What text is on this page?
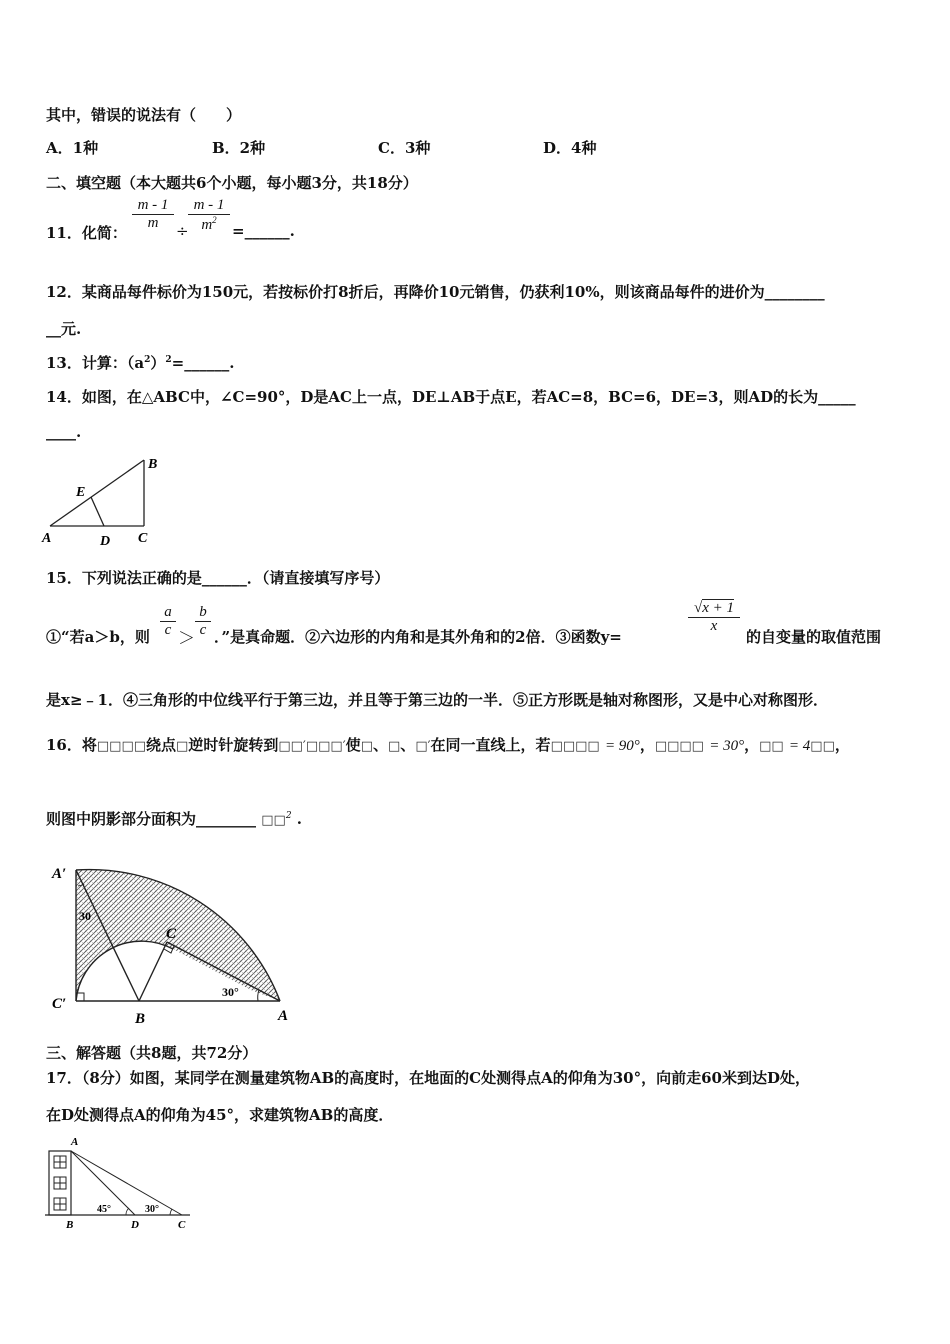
其中，错误的说法有（　　）
A．1种	B．2种	C．3种	D．4种
二、填空题（本大题共6个小题，每小题3分，共18分）
11．化简：
m - 1
m	÷
m - 1
$m^2$
=______.
12．某商品每件标价为150元，若按标价打8折后，再降价10元销售，仍获利10%，则该商品每件的进价为________
__元.
13．计算：$(a^2)^2=\_\_\_\_\_\_$.
14．如图，在△ABC中，∠C=90°，D是AC上一点，DE⊥AB于点E，若AC=8，BC=6，DE=3，则AD的长为_____
____.
A
B
C
D
E
15．下列说法正确的是______．（请直接填写序号）
①“若a＞b，则
a
c ＞
b
c ．”是真命题．②六边形的内角和是其外角和的2倍．③函数y=
√x + 1
x
的自变量的取值范围
是x≥﹣1．④三角形的中位线平行于第三边，并且等于第三边的一半．⑤正方形既是轴对称图形，又是中心对称图形．
16．将□□□□绕点□逆时针旋转到□□′□□□′使□、□、□′在同一直线上，若□□□□ = 90°，□□□□ = 30°，□□ = 4□□，
则图中阴影部分面积为________ □□$^2$ .
A′
C′
B
C
A
30
30°
三、解答题（共8题，共72分）
17．（8分）如图，某同学在测量建筑物AB的高度时，在地面的C处测得点A的仰角为30°，向前走60米到达D处，
在D处测得点A的仰角为45°，求建筑物AB的高度．
A
B	D	C
45°	30°
